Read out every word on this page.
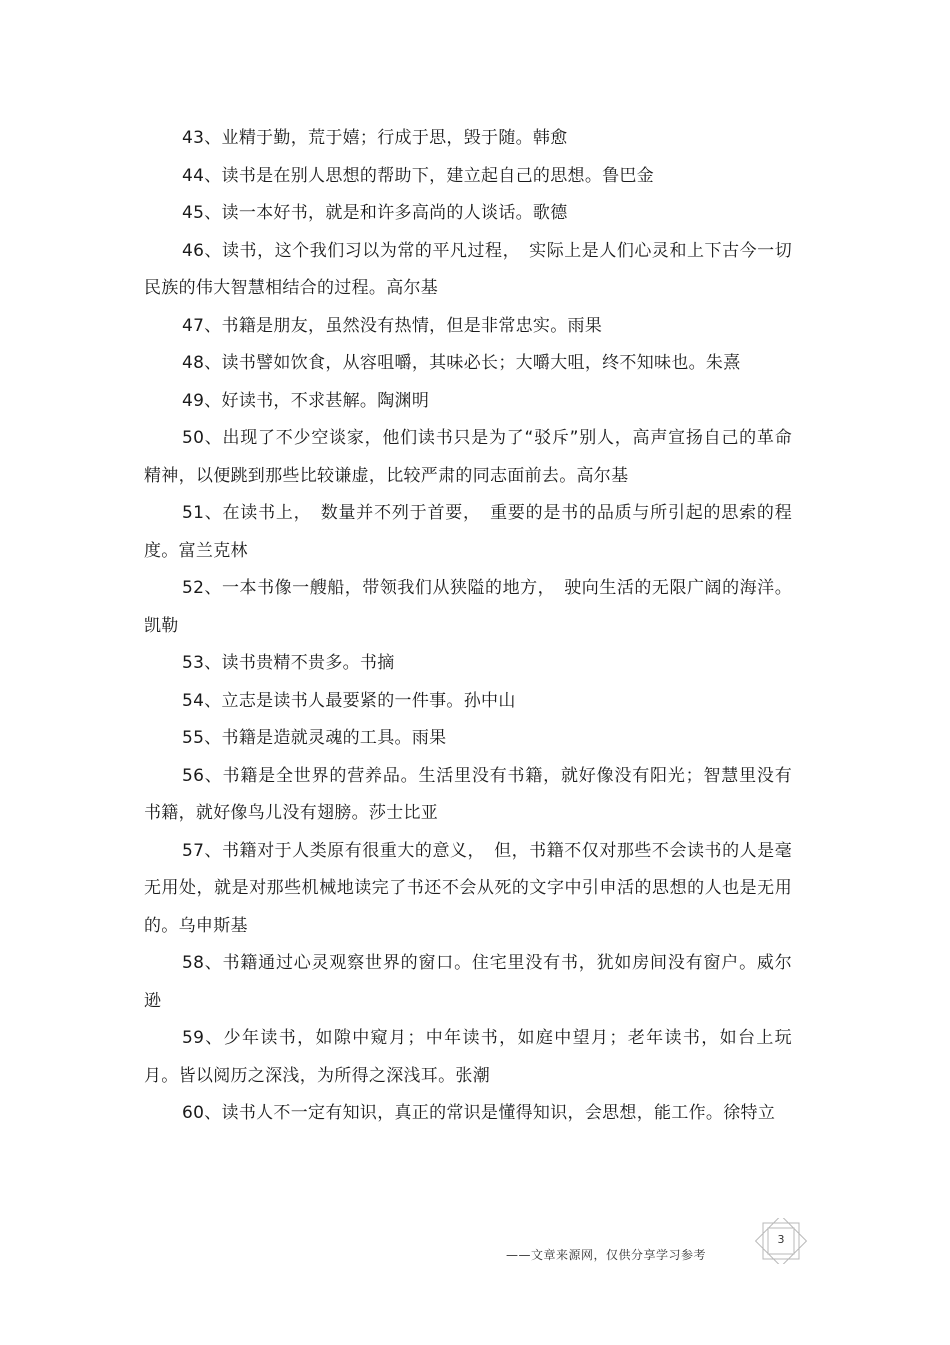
43、业精于勤，荒于嬉；行成于思，毁于随。韩愈

44、读书是在别人思想的帮助下，建立起自己的思想。鲁巴金

45、读一本好书，就是和许多高尚的人谈话。歌德

46、读书，这个我们习以为常的平凡过程，　实际上是人们心灵和上下古今一切民族的伟大智慧相结合的过程。高尔基

47、书籍是朋友，虽然没有热情，但是非常忠实。雨果

48、读书譬如饮食，从容咀嚼，其味必长；大嚼大咀，终不知味也。朱熹

49、好读书，不求甚解。陶渊明

50、出现了不少空谈家，他们读书只是为了“驳斥”别人，高声宣扬自己的革命精神，以便跳到那些比较谦虚，比较严肃的同志面前去。高尔基

51、在读书上，　数量并不列于首要，　重要的是书的品质与所引起的思索的程度。富兰克林

52、一本书像一艘船，带领我们从狭隘的地方，　驶向生活的无限广阔的海洋。凯勒

53、读书贵精不贵多。书摘

54、立志是读书人最要紧的一件事。孙中山

55、书籍是造就灵魂的工具。雨果

56、书籍是全世界的营养品。生活里没有书籍，就好像没有阳光；智慧里没有书籍，就好像鸟儿没有翅膀。莎士比亚

57、书籍对于人类原有很重大的意义，　但，书籍不仅对那些不会读书的人是毫无用处，就是对那些机械地读完了书还不会从死的文字中引申活的思想的人也是无用的。乌申斯基

58、书籍通过心灵观察世界的窗口。住宅里没有书，犹如房间没有窗户。威尔逊

59、少年读书，如隙中窥月；中年读书，如庭中望月；老年读书，如台上玩月。皆以阅历之深浅，为所得之深浅耳。张潮

60、读书人不一定有知识，真正的常识是懂得知识，会思想，能工作。徐特立

——文章来源网，仅供分享学习参考
3
